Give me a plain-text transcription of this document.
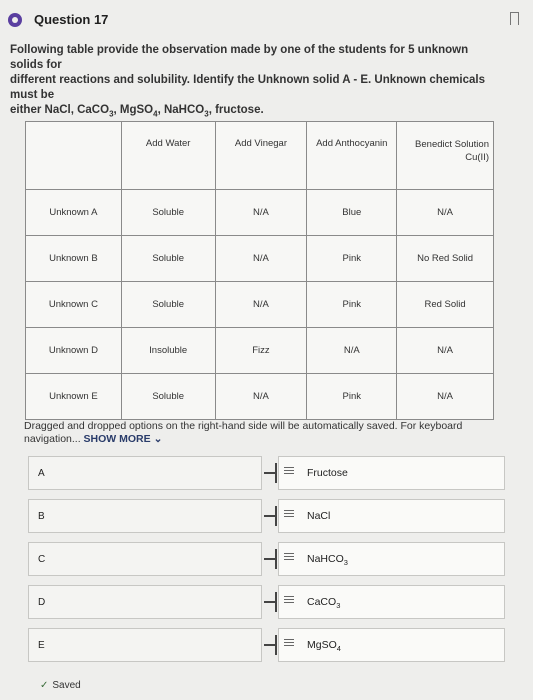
Question 17
Following table provide the observation made by one of the students for 5 unknown solids for
different reactions and solubility. Identify the Unknown solid A - E. Unknown chemicals must be
either NaCl, CaCO$_3$, MgSO$_4$, NaHCO$_3$, fructose.
	Add Water	Add Vinegar	Add Anthocyanin	Benedict Solution Cu(II)
Unknown A	Soluble	N/A	Blue	N/A
Unknown B	Soluble	N/A	Pink	No Red Solid
Unknown C	Soluble	N/A	Pink	Red Solid
Unknown D	Insoluble	Fizz	N/A	N/A
Unknown E	Soluble	N/A	Pink	N/A
Dragged and dropped options on the right-hand side will be automatically saved. For keyboard navigation... SHOW MORE ⌄
A	Fructose
B	NaCl
C	NaHCO$_3$
D	CaCO$_3$
E	MgSO$_4$
✓ Saved
